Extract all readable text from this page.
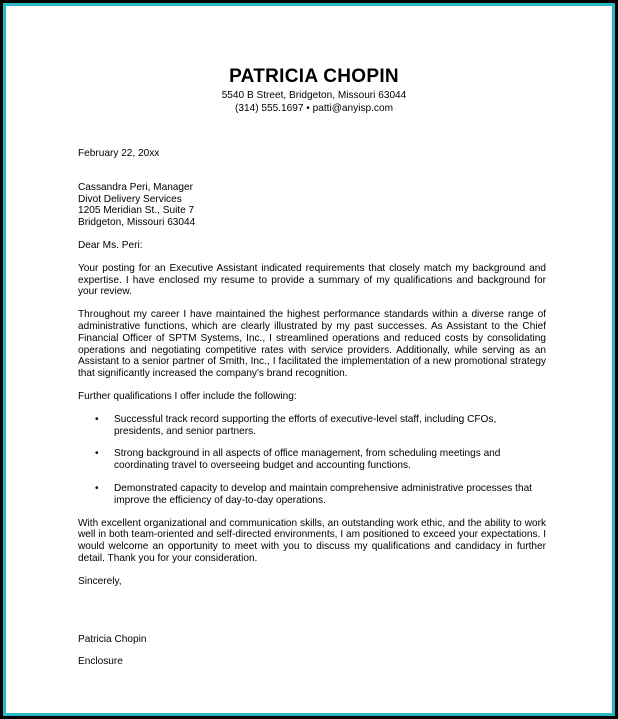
PATRICIA CHOPIN
5540 B Street, Bridgeton, Missouri 63044
(314) 555.1697 • patti@anyisp.com
February 22, 20xx
Cassandra Peri, Manager
Divot Delivery Services
1205 Meridian St., Suite 7
Bridgeton, Missouri 63044
Dear Ms. Peri:

Your posting for an Executive Assistant indicated requirements that closely match my background and expertise. I have enclosed my resume to provide a summary of my qualifications and background for your review.

Throughout my career I have maintained the highest performance standards within a diverse range of administrative functions, which are clearly illustrated by my past successes. As Assistant to the Chief Financial Officer of SPTM Systems, Inc., I streamlined operations and reduced costs by consolidating operations and negotiating competitive rates with service providers. Additionally, while serving as an Assistant to a senior partner of Smith, Inc., I facilitated the implementation of a new promotional strategy that significantly increased the company's brand recognition.

Further qualifications I offer include the following:

• Successful track record supporting the efforts of executive-level staff, including CFOs, presidents, and senior partners.
• Strong background in all aspects of office management, from scheduling meetings and coordinating travel to overseeing budget and accounting functions.
• Demonstrated capacity to develop and maintain comprehensive administrative processes that improve the efficiency of day-to-day operations.

With excellent organizational and communication skills, an outstanding work ethic, and the ability to work well in both team-oriented and self-directed environments, I am positioned to exceed your expectations. I would welcome an opportunity to meet with you to discuss my qualifications and candidacy in further detail. Thank you for your consideration.

Sincerely,
Patricia Chopin
Enclosure
